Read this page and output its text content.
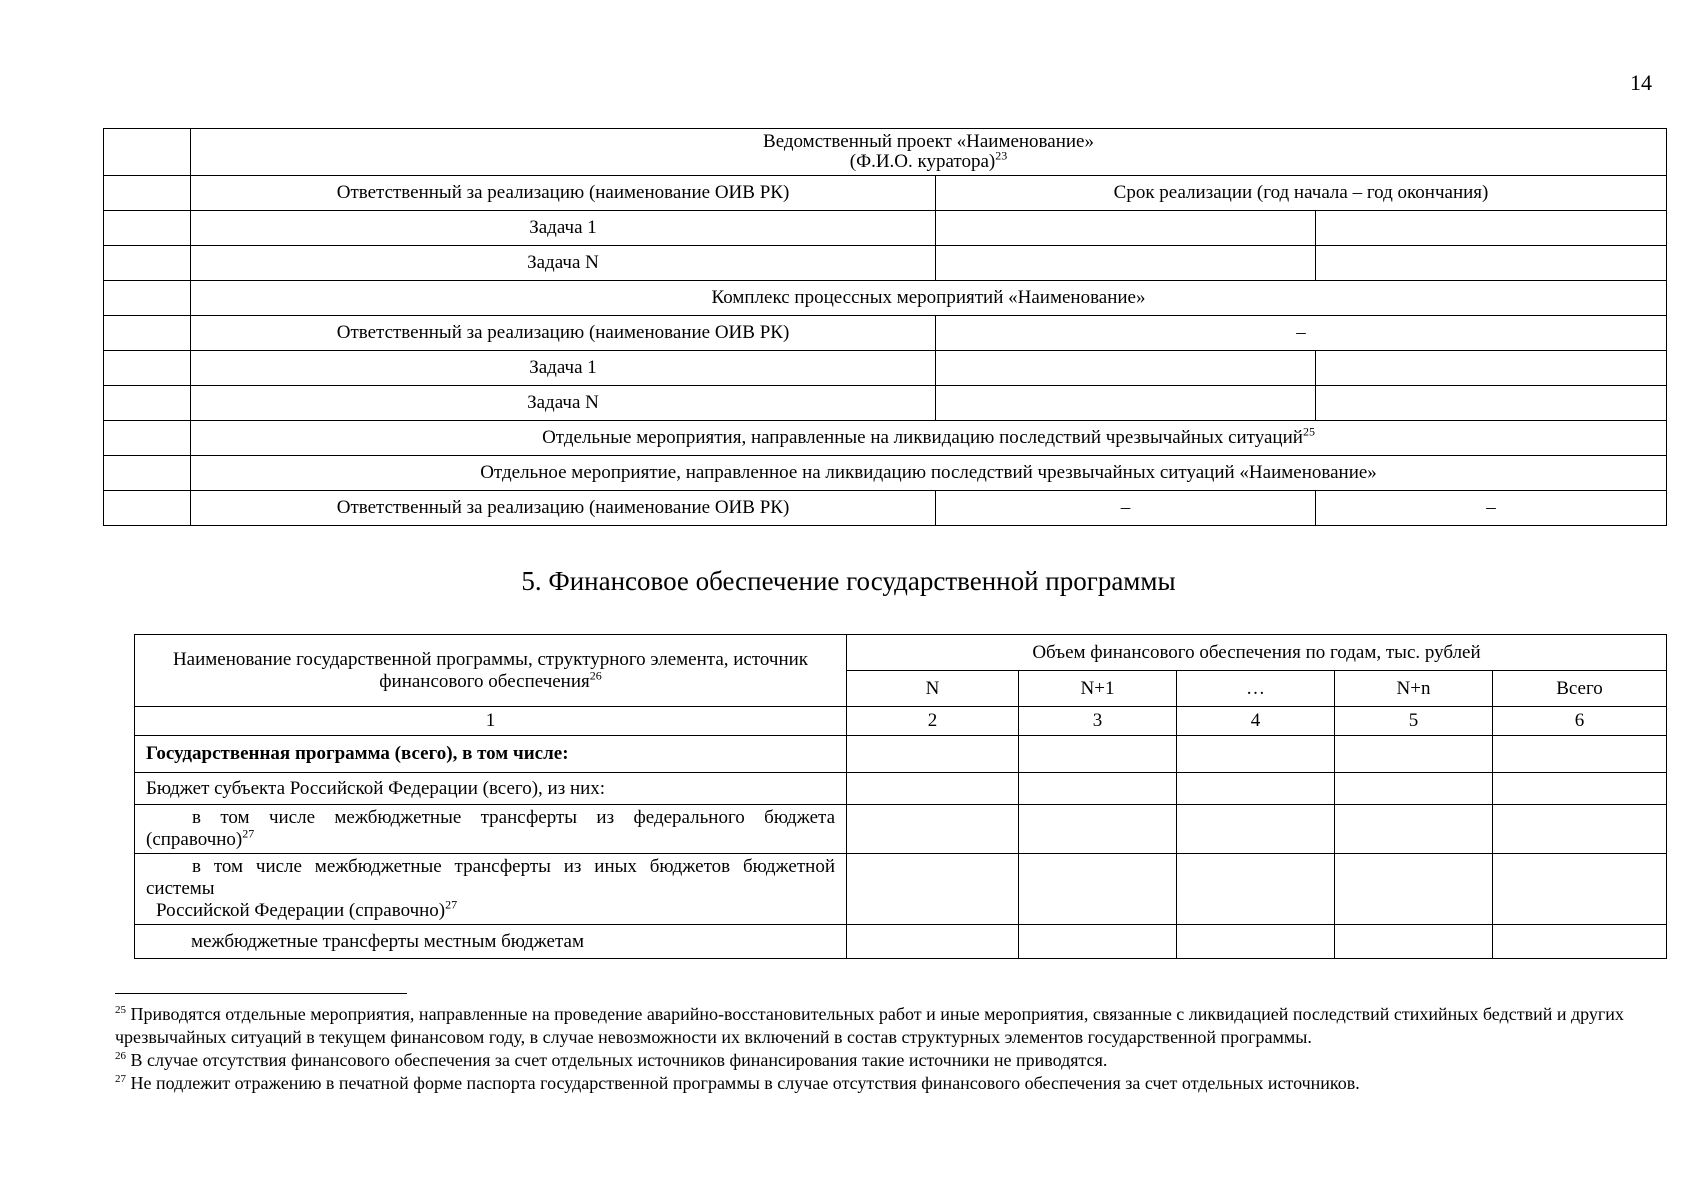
14
	Ведомственный проект «Наименование»
(Ф.И.О. куратора)$^{23}$
	Ответственный за реализацию (наименование ОИВ РК)	Срок реализации (год начала – год окончания)	
	Задача 1		
	Задача N		
	Комплекс процессных мероприятий «Наименование»		
	Ответственный за реализацию (наименование ОИВ РК)	–	
	Задача 1		
	Задача N		
	Отдельные мероприятия, направленные на ликвидацию последствий чрезвычайных ситуаций$^{25}$
	Отдельное мероприятие, направленное на ликвидацию последствий чрезвычайных ситуаций «Наименование»		
	Ответственный за реализацию (наименование ОИВ РК)	–	–
5. Финансовое обеспечение государственной программы
Наименование государственной программы, структурного элемента, источник финансового обеспечения$^{26}$	Объем финансового обеспечения по годам, тыс. рублей				
	N	N+1	…	N+n	Всего
1	2	3	4	5	6
Государственная программа (всего), в том числе:					
Бюджет субъекта Российской Федерации (всего), из них:					
в том числе межбюджетные трансферты из федерального бюджета (справочно)$^{27}$					

в том числе межбюджетные трансферты из иных бюджетов бюджетной системы
Российской Федерации (справочно)$^{27}$

межбюджетные трансферты местным бюджетам					

$^{25}$ Приводятся отдельные мероприятия, направленные на проведение аварийно-восстановительных работ и иные мероприятия, связанные с ликвидацией последствий стихийных бедствий и других чрезвычайных ситуаций в текущем финансовом году, в случае невозможности их включений в состав структурных элементов государственной программы.

$^{26}$ В случае отсутствия финансового обеспечения за счет отдельных источников финансирования такие источники не приводятся.

$^{27}$ Не подлежит отражению в печатной форме паспорта государственной программы в случае отсутствия финансового обеспечения за счет отдельных источников.
